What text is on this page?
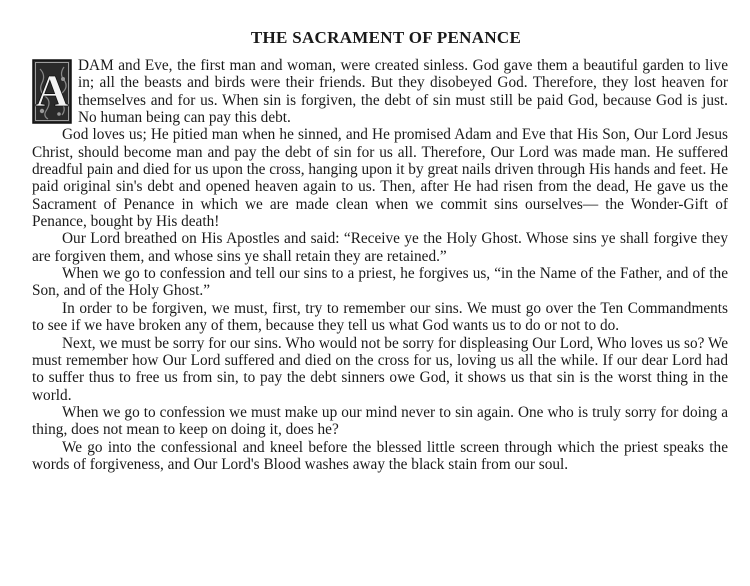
THE SACRAMENT OF PENANCE

A DAM and Eve, the first man and woman, were created sinless. God gave them a beautiful garden to live in; all the beasts and birds were their friends. But they disobeyed God. Therefore, they lost heaven for themselves and for us. When sin is forgiven, the debt of sin must still be paid God, because God is just. No human being can pay this debt.

God loves us; He pitied man when he sinned, and He promised Adam and Eve that His Son, Our Lord Jesus Christ, should become man and pay the debt of sin for us all. Therefore, Our Lord was made man. He suffered dreadful pain and died for us upon the cross, hanging upon it by great nails driven through His hands and feet. He paid original sin's debt and opened heaven again to us. Then, after He had risen from the dead, He gave us the Sacrament of Penance in which we are made clean when we commit sins ourselves— the Wonder-Gift of Penance, bought by His death!

Our Lord breathed on His Apostles and said: “Receive ye the Holy Ghost. Whose sins ye shall forgive they are forgiven them, and whose sins ye shall retain they are retained.”

When we go to confession and tell our sins to a priest, he forgives us, “in the Name of the Father, and of the Son, and of the Holy Ghost.”

In order to be forgiven, we must, first, try to remember our sins. We must go over the Ten Commandments to see if we have broken any of them, because they tell us what God wants us to do or not to do.

Next, we must be sorry for our sins. Who would not be sorry for displeasing Our Lord, Who loves us so? We must remember how Our Lord suffered and died on the cross for us, loving us all the while. If our dear Lord had to suffer thus to free us from sin, to pay the debt sinners owe God, it shows us that sin is the worst thing in the world.

When we go to confession we must make up our mind never to sin again. One who is truly sorry for doing a thing, does not mean to keep on doing it, does he?

We go into the confessional and kneel before the blessed little screen through which the priest speaks the words of forgiveness, and Our Lord's Blood washes away the black stain from our soul.
